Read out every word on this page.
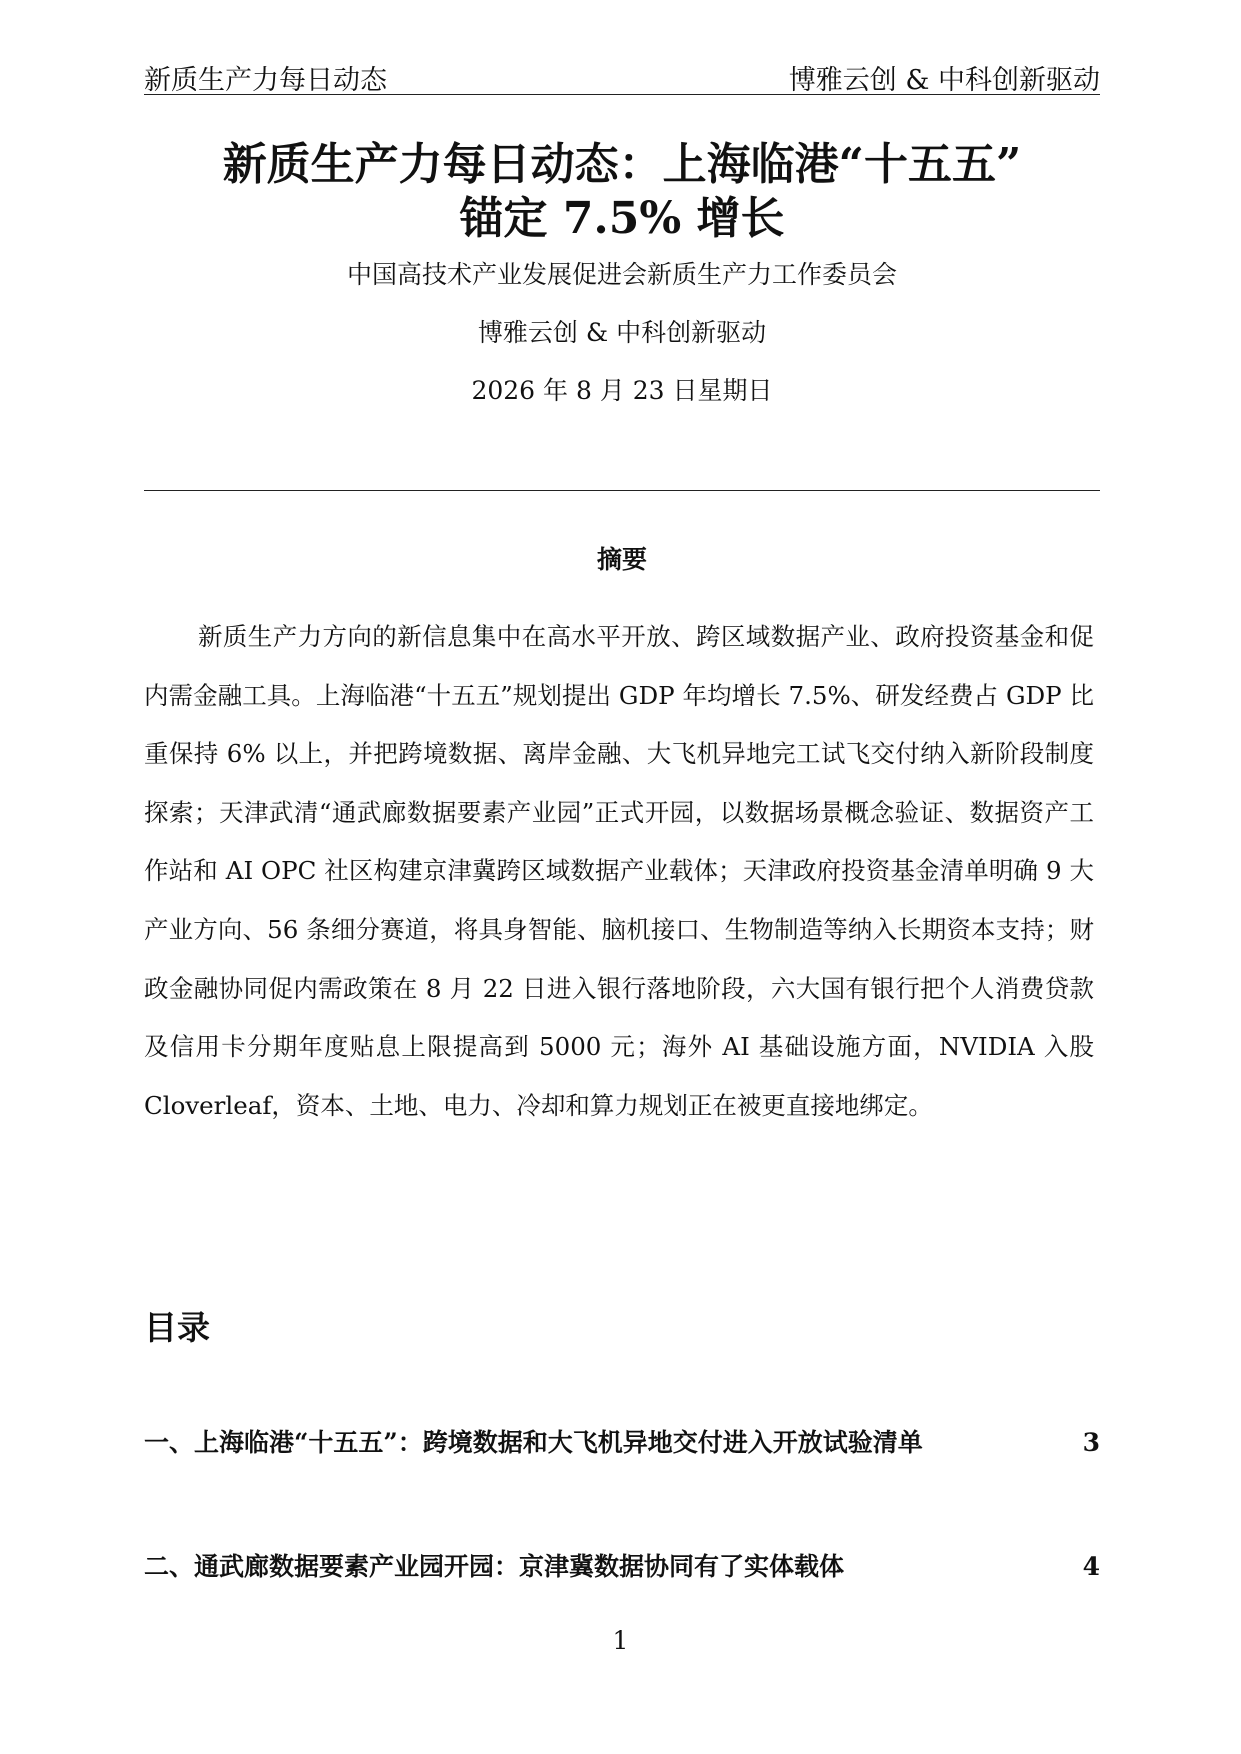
新质生产力每日动态	博雅云创 & 中科创新驱动
新质生产力每日动态：上海临港“十五五”
锚定 7.5% 增长
中国高技术产业发展促进会新质生产力工作委员会
博雅云创 & 中科创新驱动
2026 年 8 月 23 日星期日
摘要
新质生产力方向的新信息集中在高水平开放、跨区域数据产业、政府投资基金和促内需金融工具。上海临港“十五五”规划提出 GDP 年均增长 7.5%、研发经费占 GDP 比重保持 6% 以上，并把跨境数据、离岸金融、大飞机异地完工试飞交付纳入新阶段制度探索；天津武清“通武廊数据要素产业园”正式开园，以数据场景概念验证、数据资产工作站和 AI OPC 社区构建京津冀跨区域数据产业载体；天津政府投资基金清单明确 9 大产业方向、56 条细分赛道，将具身智能、脑机接口、生物制造等纳入长期资本支持；财政金融协同促内需政策在 8 月 22 日进入银行落地阶段，六大国有银行把个人消费贷款及信用卡分期年度贴息上限提高到 5000 元；海外 AI 基础设施方面，NVIDIA 入股 Cloverleaf，资本、土地、电力、冷却和算力规划正在被更直接地绑定。
目录
一、上海临港“十五五”：跨境数据和大飞机异地交付进入开放试验清单	3
二、通武廊数据要素产业园开园：京津冀数据协同有了实体载体	4
1
